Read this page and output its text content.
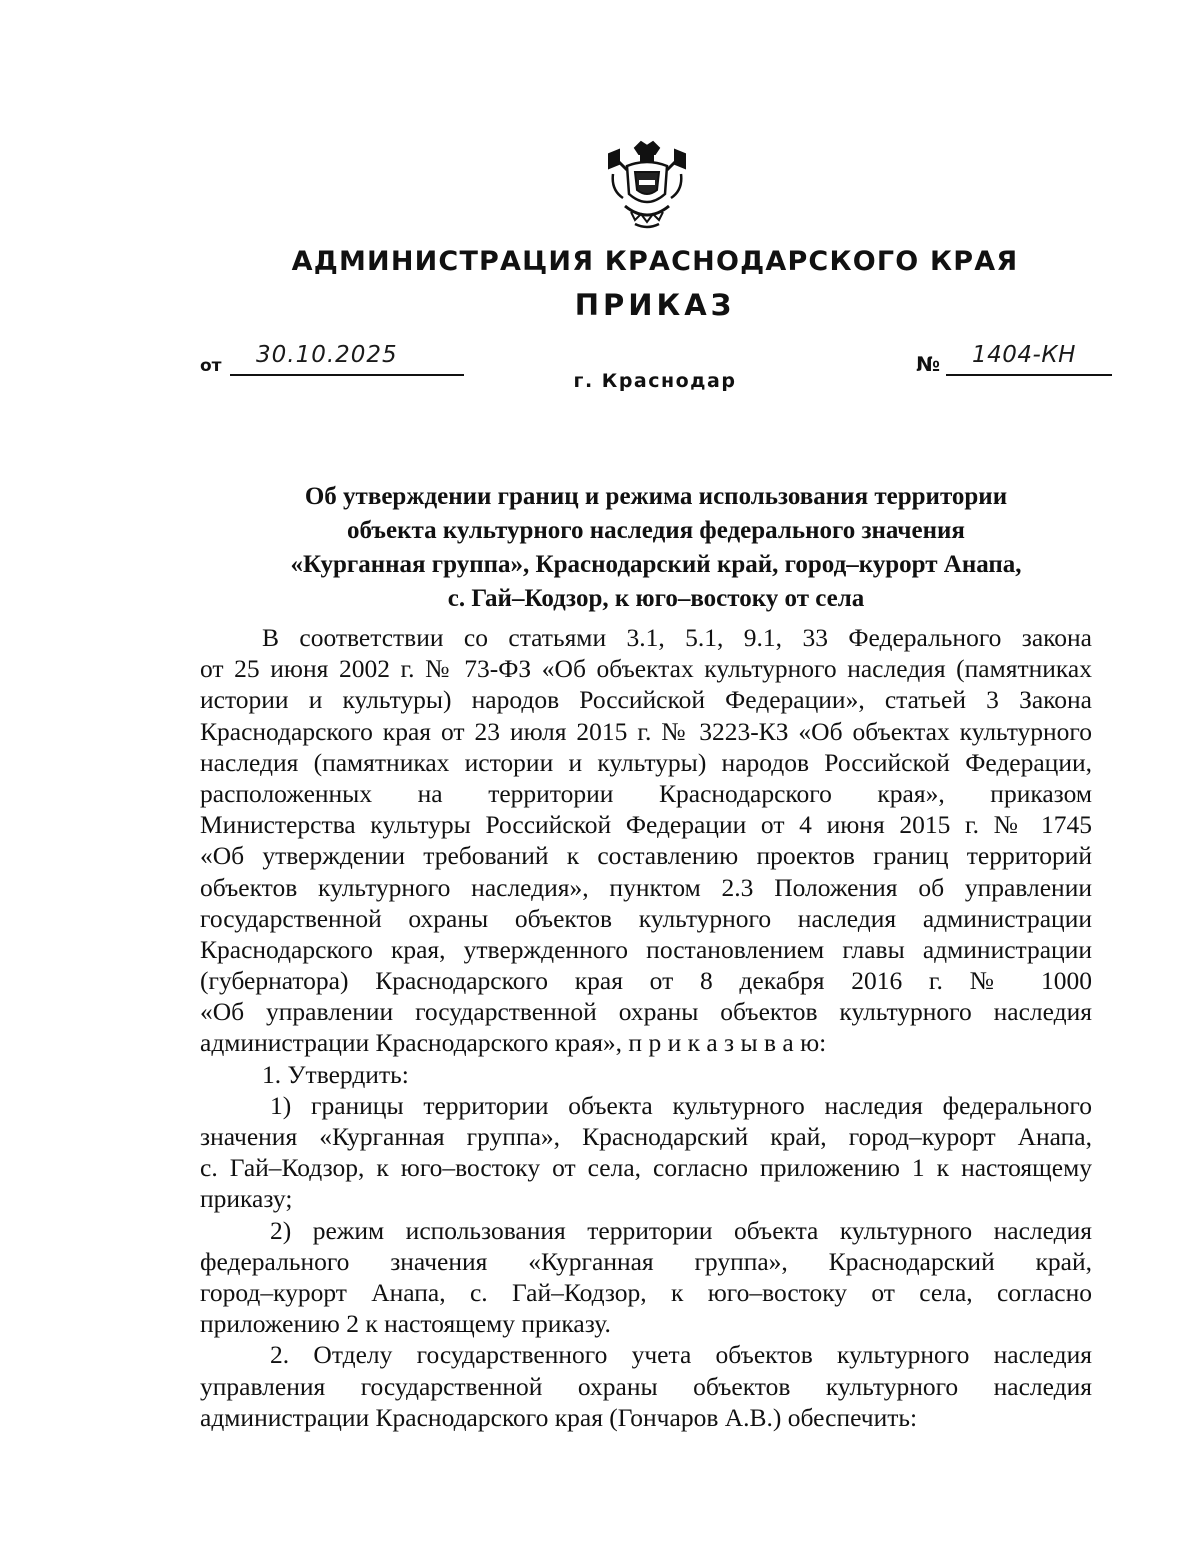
АДМИНИСТРАЦИЯ КРАСНОДАРСКОГО КРАЯ
ПРИКАЗ
от 30.10.2025	№ 1404-КН
г. Краснодар
Об утверждении границ и режима использования территории
объекта культурного наследия федерального значения
«Курганная группа», Краснодарский край, город–курорт Анапа,
с. Гай–Кодзор, к юго–востоку от села
В соответствии со статьями 3.1, 5.1, 9.1, 33 Федерального закона
от 25 июня 2002 г. № 73-ФЗ «Об объектах культурного наследия (памятниках
истории и культуры) народов Российской Федерации», статьей 3 Закона
Краснодарского края от 23 июля 2015 г. № 3223-КЗ «Об объектах культурного
наследия (памятниках истории и культуры) народов Российской Федерации,
расположенных на территории Краснодарского края», приказом
Министерства культуры Российской Федерации от 4 июня 2015 г. № 1745
«Об утверждении требований к составлению проектов границ территорий
объектов культурного наследия», пунктом 2.3 Положения об управлении
государственной охраны объектов культурного наследия администрации
Краснодарского края, утвержденного постановлением главы администрации
(губернатора) Краснодарского края от 8 декабря 2016 г. № 1000
«Об управлении государственной охраны объектов культурного наследия
администрации Краснодарского края», п р и к а з ы в а ю:
1. Утвердить:
1) границы территории объекта культурного наследия федерального
значения «Курганная группа», Краснодарский край, город–курорт Анапа,
с. Гай–Кодзор, к юго–востоку от села, согласно приложению 1 к настоящему
приказу;
2) режим использования территории объекта культурного наследия
федерального значения «Курганная группа», Краснодарский край,
город–курорт Анапа, с. Гай–Кодзор, к юго–востоку от села, согласно
приложению 2 к настоящему приказу.
2. Отделу государственного учета объектов культурного наследия
управления государственной охраны объектов культурного наследия
администрации Краснодарского края (Гончаров А.В.) обеспечить:
